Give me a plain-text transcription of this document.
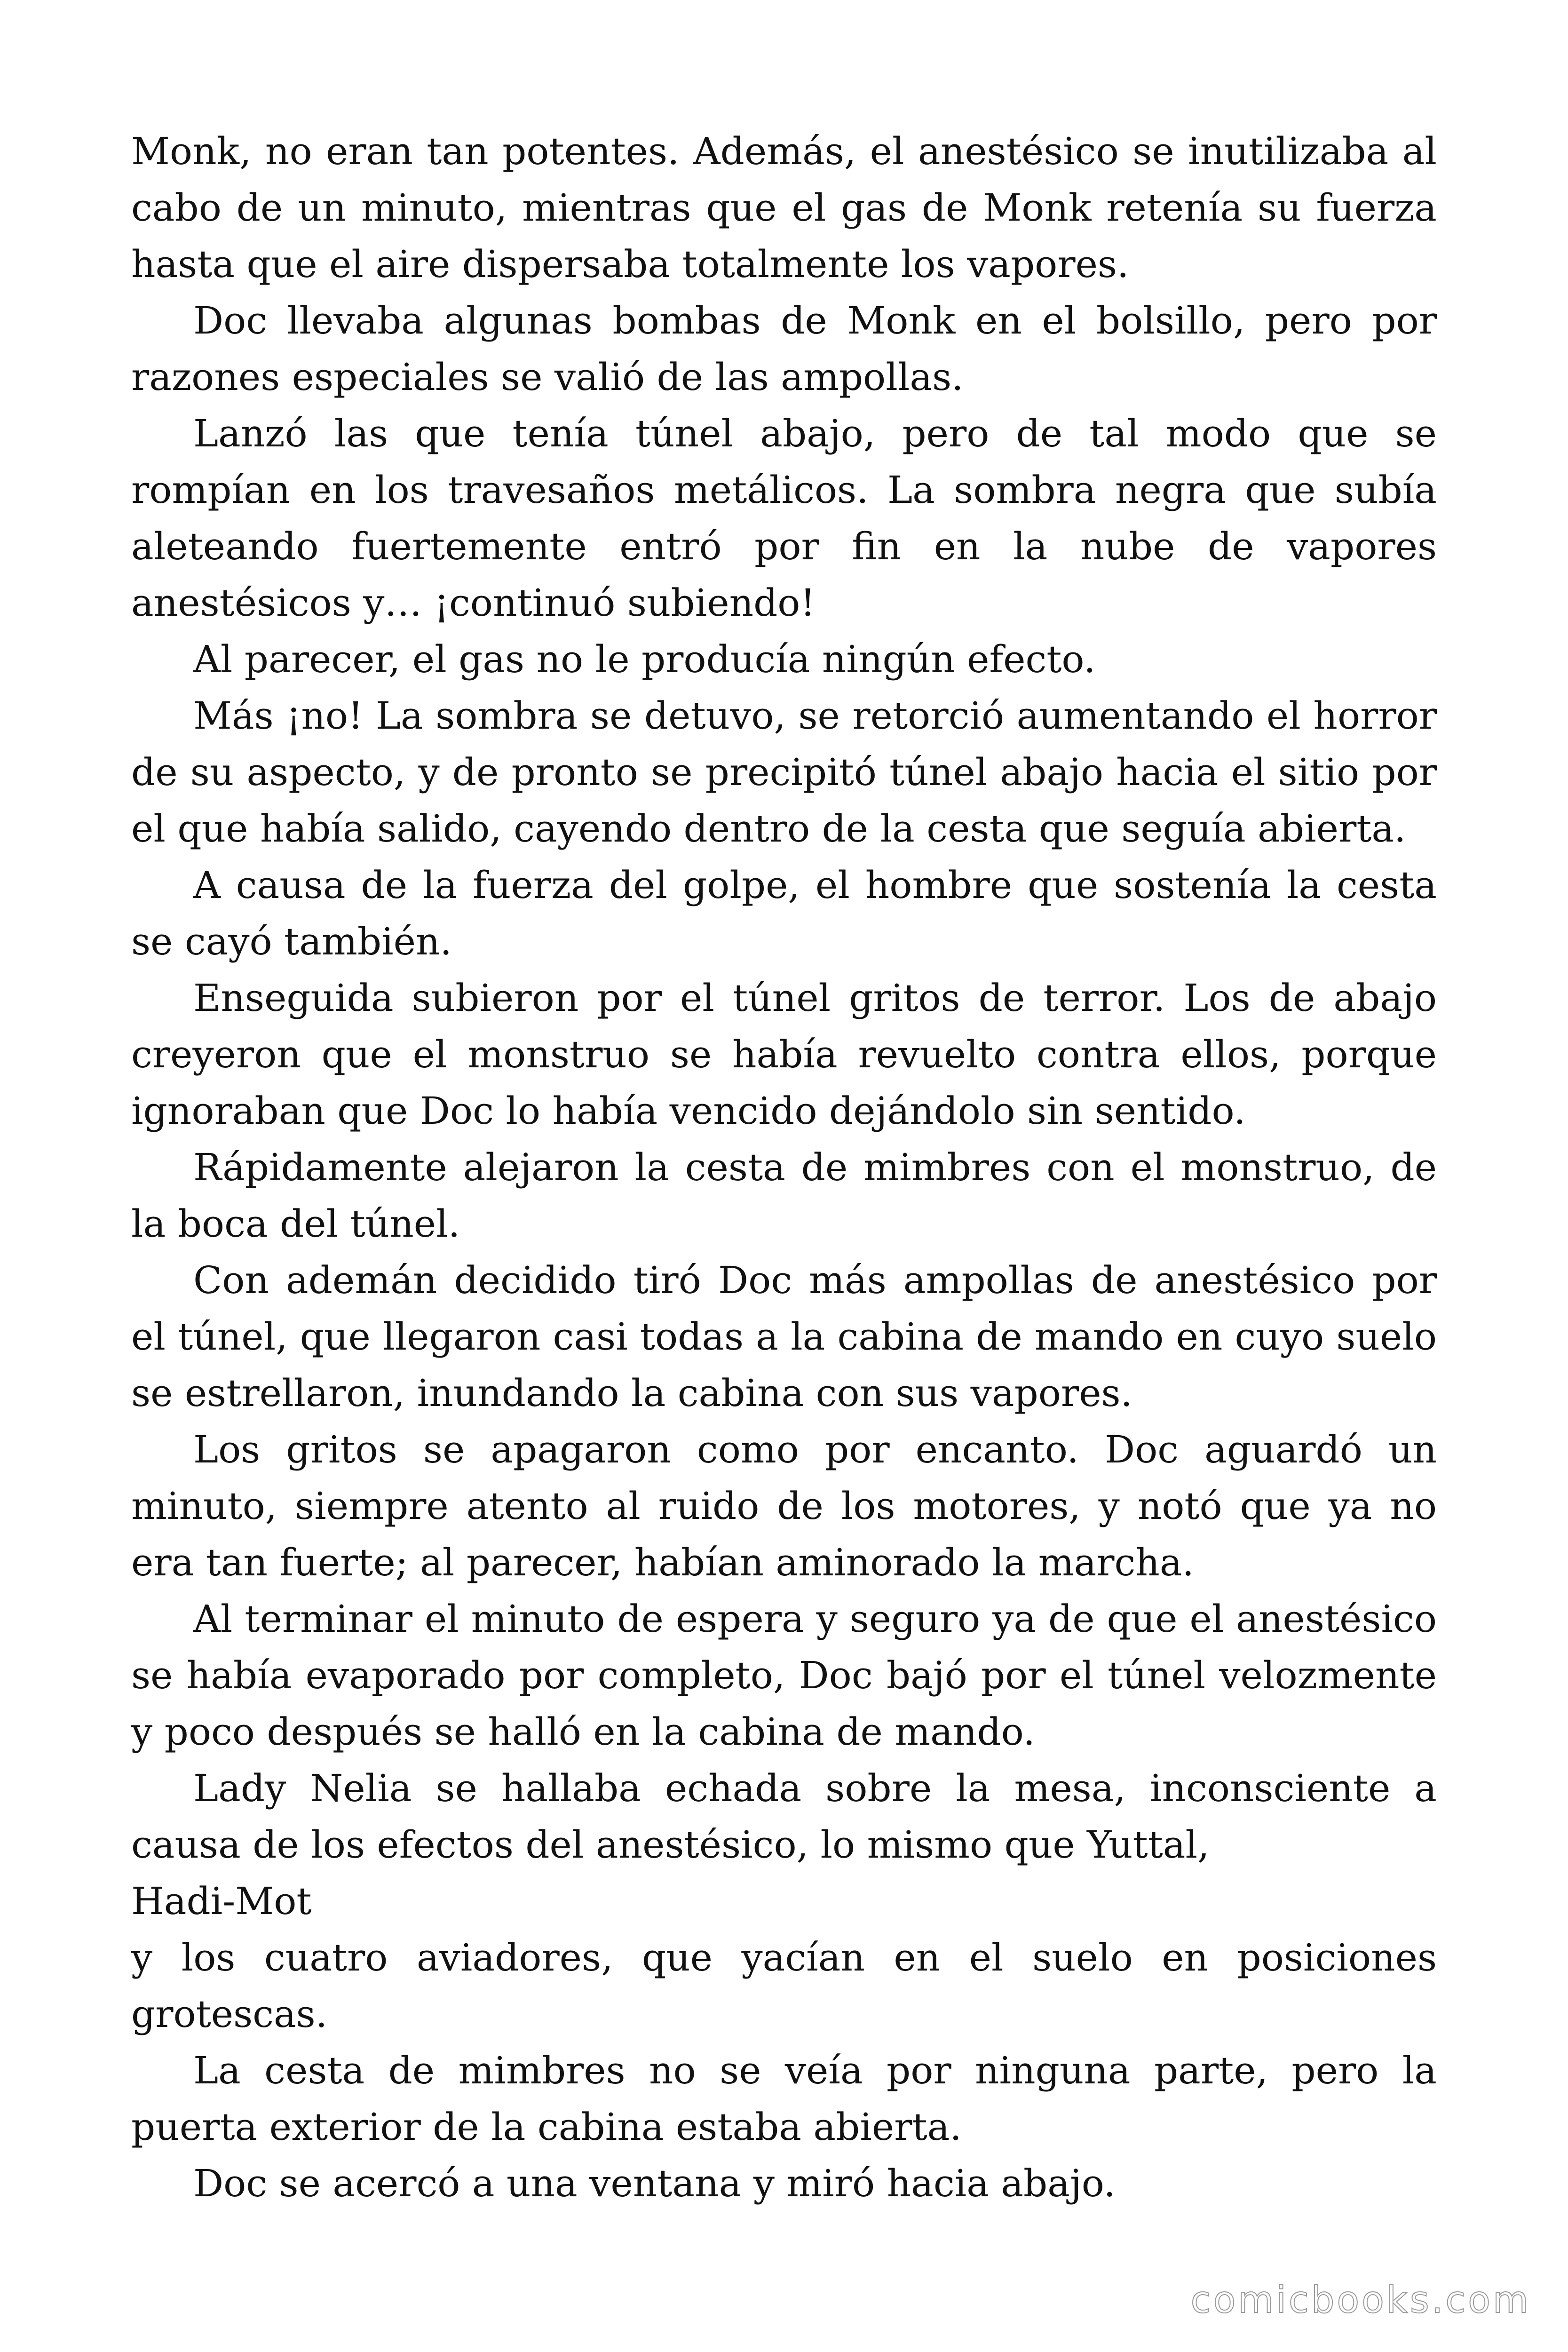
Monk, no eran tan potentes. Además, el anestésico se inutilizaba al cabo de un minuto, mientras que el gas de Monk retenía su fuerza hasta que el aire dispersaba totalmente los vapores.

Doc llevaba algunas bombas de Monk en el bolsillo, pero por razones especiales se valió de las ampollas.

Lanzó las que tenía túnel abajo, pero de tal modo que se rompían en los travesaños metálicos. La sombra negra que subía aleteando fuertemente entró por fin en la nube de vapores anestésicos y… ¡continuó subiendo!

Al parecer, el gas no le producía ningún efecto.

Más ¡no! La sombra se detuvo, se retorció aumentando el horror de su aspecto, y de pronto se precipitó túnel abajo hacia el sitio por el que había salido, cayendo dentro de la cesta que seguía abierta.

A causa de la fuerza del golpe, el hombre que sostenía la cesta se cayó también.

Enseguida subieron por el túnel gritos de terror. Los de abajo creyeron que el monstruo se había revuelto contra ellos, porque ignoraban que Doc lo había vencido dejándolo sin sentido.

Rápidamente alejaron la cesta de mimbres con el monstruo, de la boca del túnel.

Con ademán decidido tiró Doc más ampollas de anestésico por el túnel, que llegaron casi todas a la cabina de mando en cuyo suelo se estrellaron, inundando la cabina con sus vapores.

Los gritos se apagaron como por encanto. Doc aguardó un minuto, siempre atento al ruido de los motores, y notó que ya no era tan fuerte; al parecer, habían aminorado la marcha.

Al terminar el minuto de espera y seguro ya de que el anestésico se había evaporado por completo, Doc bajó por el túnel velozmente y poco después se halló en la cabina de mando.

Lady Nelia se hallaba echada sobre la mesa, inconsciente a causa de los efectos del anestésico, lo mismo que Yuttal,

Hadi-Mot

y los cuatro aviadores, que yacían en el suelo en posiciones grotescas.

La cesta de mimbres no se veía por ninguna parte, pero la puerta exterior de la cabina estaba abierta.

Doc se acercó a una ventana y miró hacia abajo.

comicbooks.com
